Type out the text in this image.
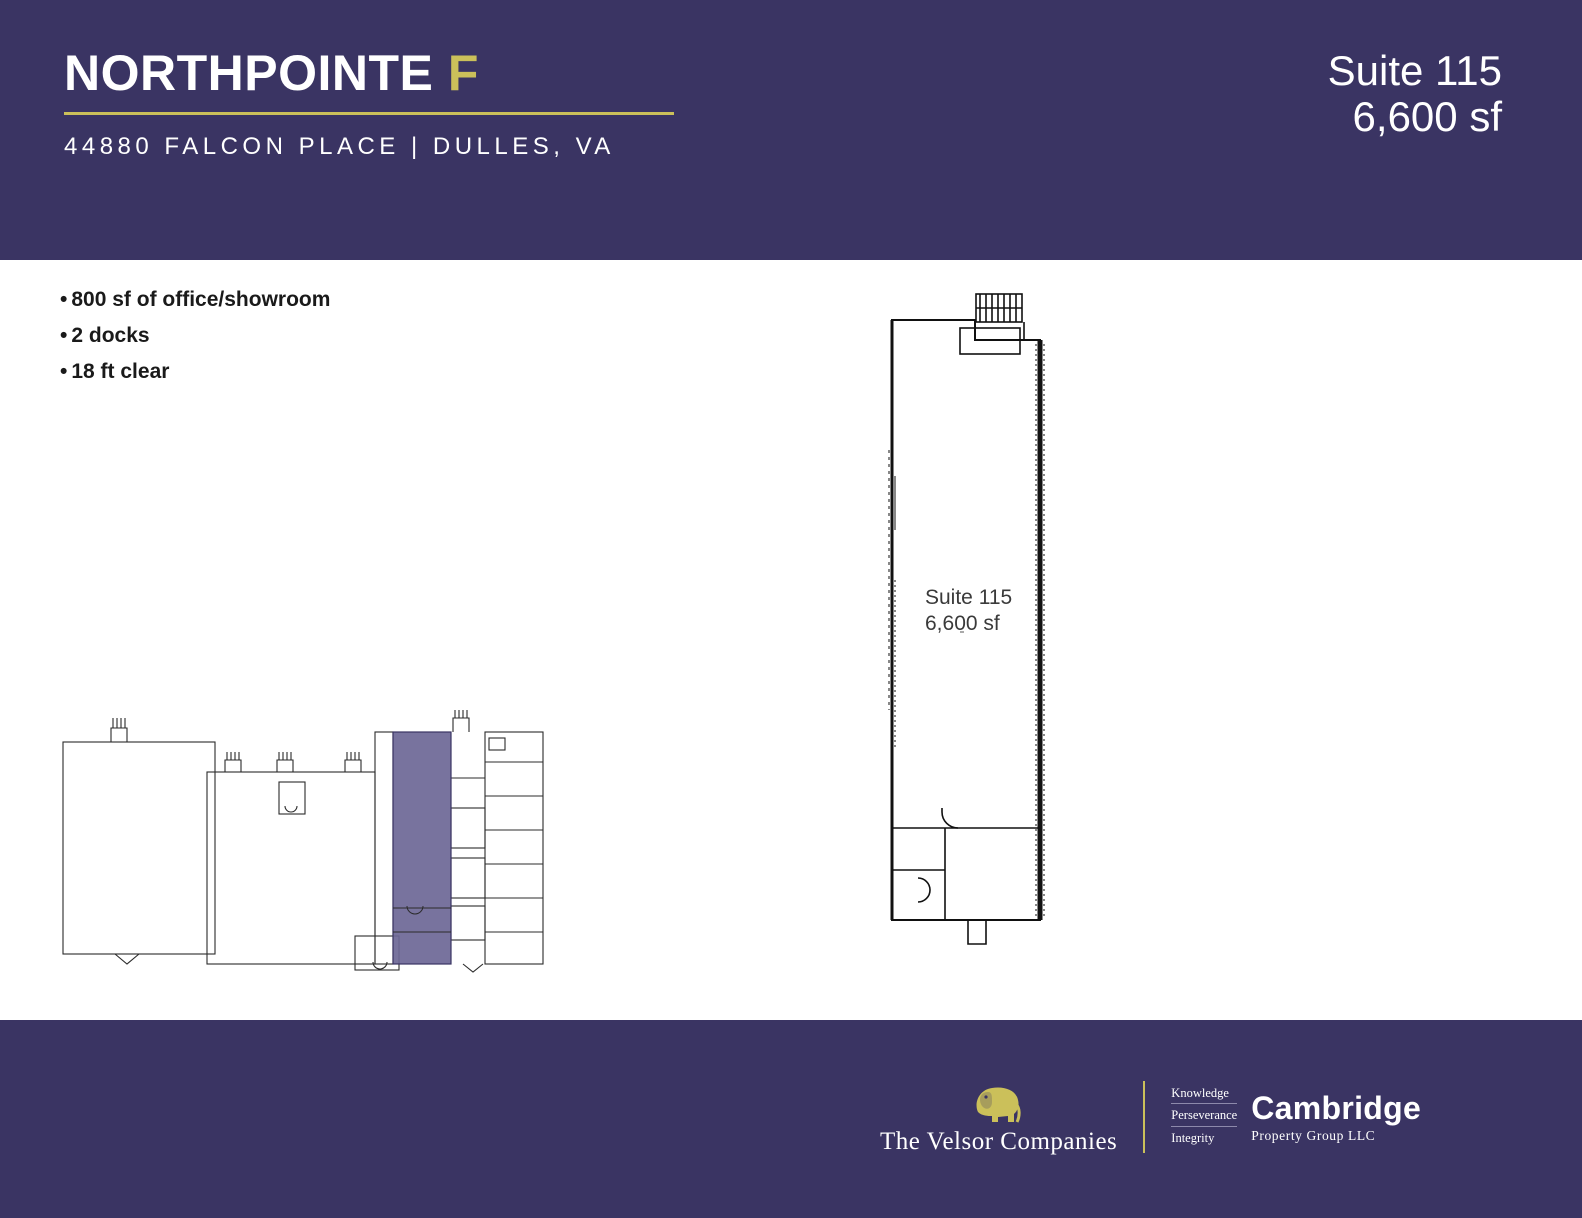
NORTHPOINTE F
44880 FALCON PLACE | DULLES, VA
Suite 115
6,600 sf
• 800 sf of office/showroom
• 2 docks
• 18 ft clear
Suite 115
6,600 sf
The Velsor Companies
Knowledge
Perseverance
Integrity
Cambridge
Property Group LLC
